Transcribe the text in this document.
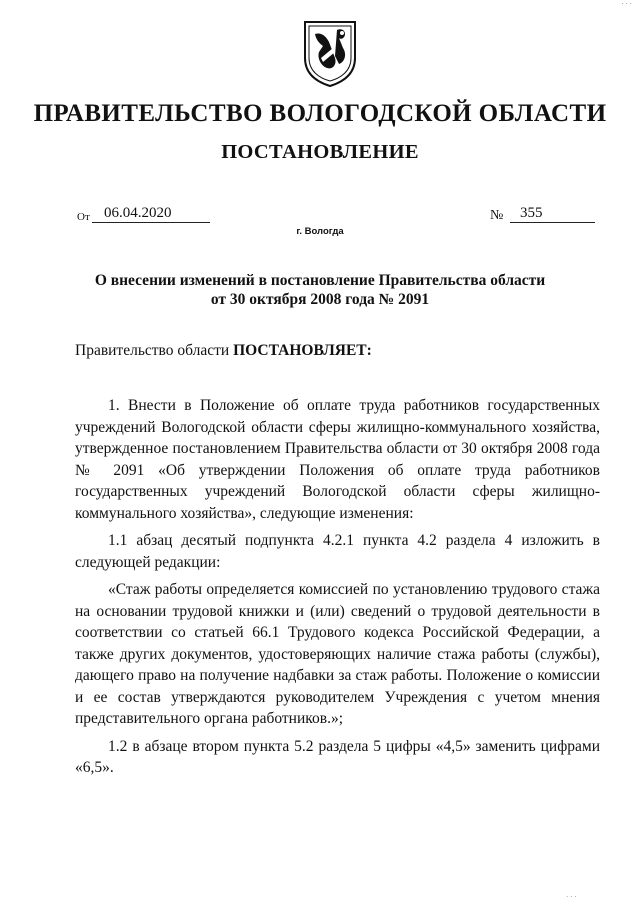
· · ·
ПРАВИТЕЛЬСТВО ВОЛОГОДСКОЙ ОБЛАСТИ
ПОСТАНОВЛЕНИЕ
От 06.04.2020	№	355
г. Вологда
О внесении изменений в постановление Правительства области
от 30 октября 2008 года № 2091
Правительство области ПОСТАНОВЛЯЕТ:

1. Внести в Положение об оплате труда работников государственных учреждений Вологодской области сферы жилищно-коммунального хозяйства, утвержденное постановлением Правительства области от 30 октября 2008 года № 2091 «Об утверждении Положения об оплате труда работников государственных учреждений Вологодской области сферы жилищно-коммунального хозяйства», следующие изменения:

1.1 абзац десятый подпункта 4.2.1 пункта 4.2 раздела 4 изложить в следующей редакции:

«Стаж работы определяется комиссией по установлению трудового стажа на основании трудовой книжки и (или) сведений о трудовой деятельности в соответствии со статьей 66.1 Трудового кодекса Российской Федерации, а также других документов, удостоверяющих наличие стажа работы (службы), дающего право на получение надбавки за стаж работы. Положение о комиссии и ее состав утверждаются руководителем Учреждения с учетом мнения представительного органа работников.»;

1.2 в абзаце втором пункта 5.2 раздела 5 цифры «4,5» заменить цифрами «6,5».

· · ·
